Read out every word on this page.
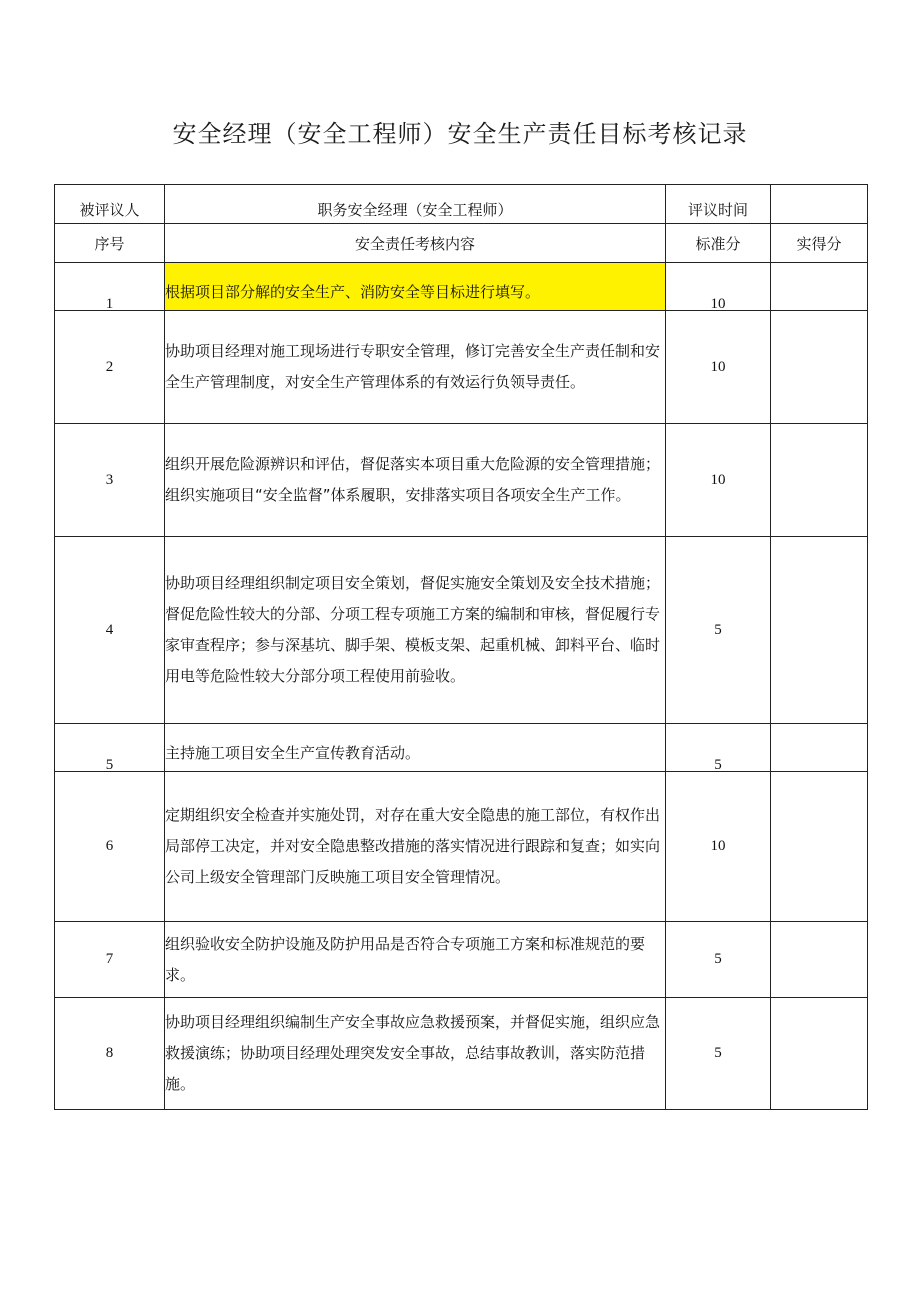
安全经理（安全工程师）安全生产责任目标考核记录
被评议人	职务安全经理（安全工程师）	评议时间	
序号	安全责任考核内容	标准分	实得分
1	根据项目部分解的安全生产、消防安全等目标进行填写。	10	
2	协助项目经理对施工现场进行专职安全管理，修订完善安全生产责任制和安全生产管理制度，对安全生产管理体系的有效运行负领导责任。	10	
3	组织开展危险源辨识和评估，督促落实本项目重大危险源的安全管理措施；组织实施项目“安全监督”体系履职，安排落实项目各项安全生产工作。	10	
4	协助项目经理组织制定项目安全策划，督促实施安全策划及安全技术措施；督促危险性较大的分部、分项工程专项施工方案的编制和审核，督促履行专家审查程序；参与深基坑、脚手架、模板支架、起重机械、卸料平台、临时用电等危险性较大分部分项工程使用前验收。	5	
5	主持施工项目安全生产宣传教育活动。	5	
6	定期组织安全检查并实施处罚，对存在重大安全隐患的施工部位，有权作出局部停工决定，并对安全隐患整改措施的落实情况进行跟踪和复查；如实向公司上级安全管理部门反映施工项目安全管理情况。	10	
7	组织验收安全防护设施及防护用品是否符合专项施工方案和标准规范的要求。	5	
8	协助项目经理组织编制生产安全事故应急救援预案，并督促实施，组织应急救援演练；协助项目经理处理突发安全事故，总结事故教训，落实防范措施。	5	
